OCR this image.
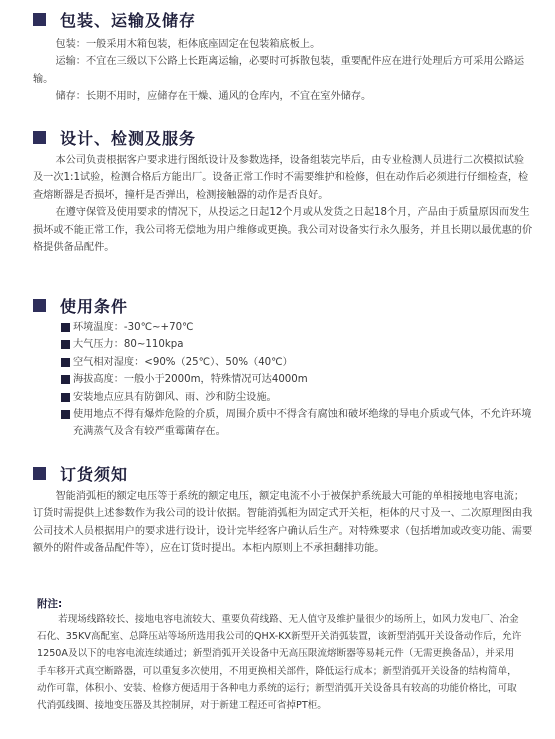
包装、运输及储存

包装：一般采用木箱包装，柜体底座固定在包装箱底板上。

运输：不宜在三级以下公路上长距离运输，必要时可拆散包装，重要配件应在进行处理后方可采用公路运输。

储存：长期不用时，应储存在干燥、通风的仓库内，不宜在室外储存。

设计、检测及服务

本公司负责根据客户要求进行图纸设计及参数选择，设备组装完毕后，由专业检测人员进行二次模拟试验及一次1:1试验，检测合格后方能出厂。设备正常工作时不需要维护和检修，但在动作后必须进行仔细检查，检查熔断器是否损坏，撞杆是否弹出，检测接触器的动作是否良好。

在遵守保管及使用要求的情况下，从投运之日起12个月或从发货之日起18个月，产品由于质量原因而发生损坏或不能正常工作，我公司将无偿地为用户维修或更换。我公司对设备实行永久服务，并且长期以最优惠的价格提供备品配件。

使用条件
环境温度：-30℃~+70℃
大气压力：80~110kpa
空气相对湿度：<90%（25℃）、50%（40℃）
海拔高度：一般小于2000m，特殊情况可达4000m
安装地点应具有防御风、雨、沙和防尘设施。
使用地点不得有爆炸危险的介质，周围介质中不得含有腐蚀和破坏绝缘的导电介质或气体，不允许环境充满蒸气及含有较严重霉菌存在。
订货须知

智能消弧柜的额定电压等于系统的额定电压，额定电流不小于被保护系统最大可能的单相接地电容电流；订货时需提供上述参数作为我公司的设计依据。智能消弧柜为固定式开关柜，柜体的尺寸及一、二次原理图由我公司技术人员根据用户的要求进行设计，设计完毕经客户确认后生产。对特殊要求（包括增加或改变功能、需要额外的附件或备品配件等），应在订货时提出。本柜内原则上不承担翻排功能。

附注:

若现场线路较长、接地电容电流较大、重要负荷线路、无人值守及维护量很少的场所上，如风力发电厂、冶金石化、35KV高配室、总降压站等场所选用我公司的QHX-KX新型开关消弧装置，该新型消弧开关设备动作后，允许1250A及以下的电容电流连续通过；新型消弧开关设备中无高压限流熔断器等易耗元件（无需更换备品），并采用手车移开式真空断路器，可以重复多次使用，不用更换相关部件，降低运行成本；新型消弧开关设备的结构简单，动作可靠，体积小、安装、检修方便适用于各种电力系统的运行；新型消弧开关设备具有较高的功能价格比，可取代消弧线圈、接地变压器及其控制屏，对于新建工程还可省掉PT柜。
